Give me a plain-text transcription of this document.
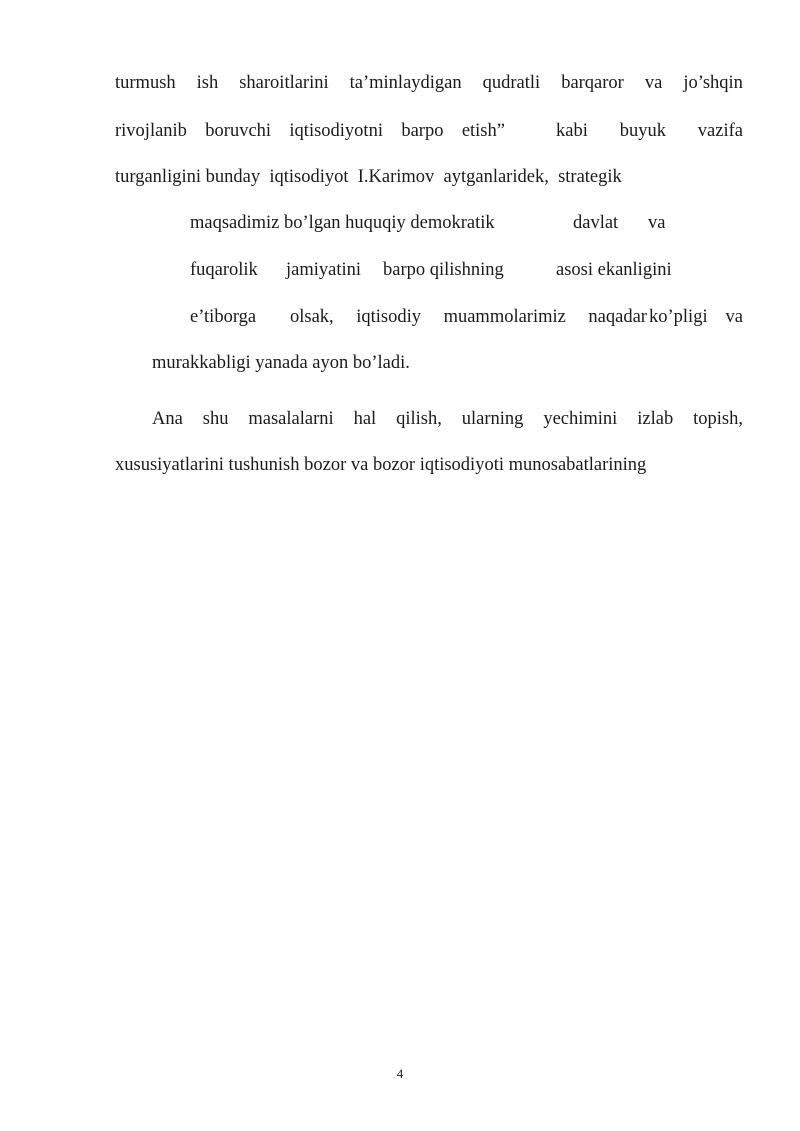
turmush ish sharoitlarini ta’minlaydigan qudratli barqaror va jo’shqin
rivojlanib boruvchi iqtisodiyotni barpo etish”	kabi buyuk vazifa
turganligini bunday  iqtisodiyot  I.Karimov  aytganlaridek,  strategik
maqsadimiz bo’lgan huquqiy demokratik	davlat va
fuqarolik jamiyatini barpo qilishning	asosi ekanligini
e’tiborga olsak, iqtisodiy muammolarimiz naqadar ko’pligi va
murakkabligi yanada ayon bo’ladi.
Ana shu masalalarni hal qilish, ularning yechimini izlab topish,
xususiyatlarini tushunish bozor va bozor iqtisodiyoti munosabatlarining
4
